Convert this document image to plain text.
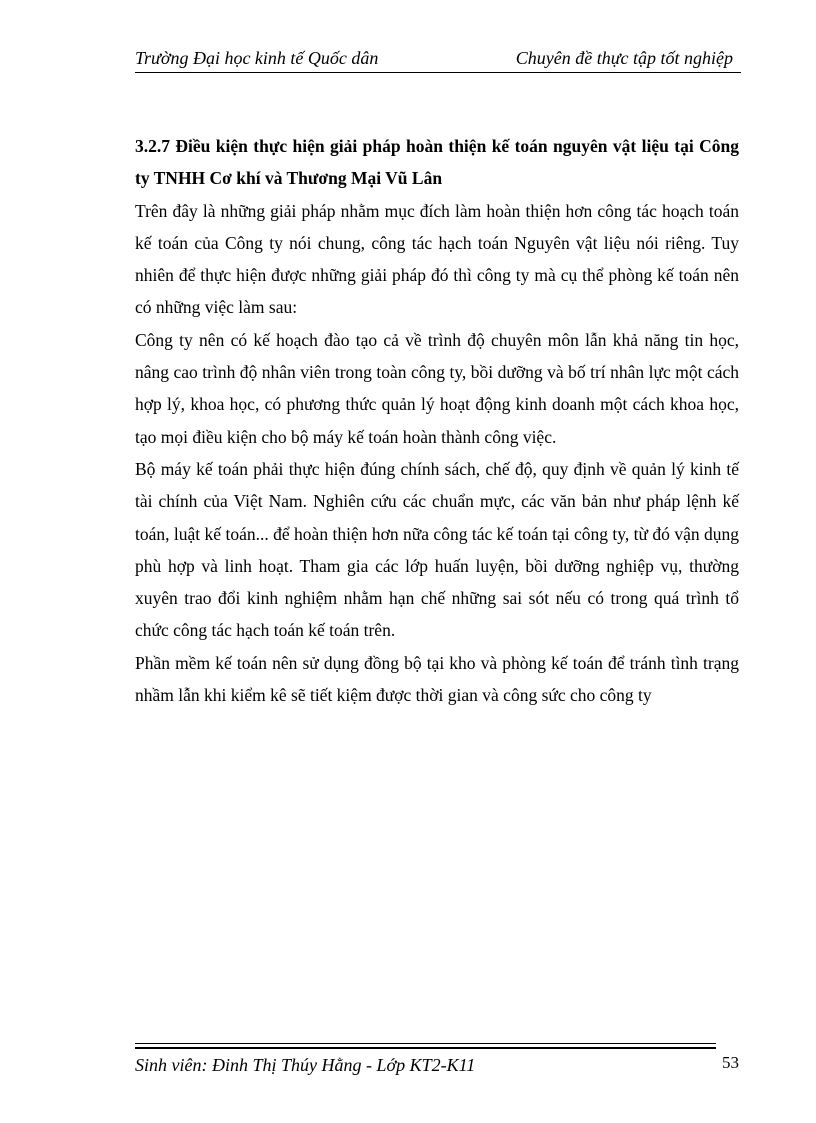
Trường Đại học kinh tế Quốc dân	Chuyên đề thực tập tốt nghiệp

3.2.7 Điều kiện thực hiện giải pháp hoàn thiện kế toán nguyên vật liệu tại Công ty TNHH Cơ khí và Thương Mại Vũ Lân

Trên đây là những giải pháp nhằm mục đích làm hoàn thiện hơn công tác hoạch toán kế toán của Công ty nói chung, công tác hạch toán Nguyên vật liệu nói riêng. Tuy nhiên để thực hiện được những giải pháp đó thì công ty mà cụ thể phòng kế toán nên có những việc làm sau:

Công ty nên có kế hoạch đào tạo cả về trình độ chuyên môn lẫn khả năng tin học, nâng cao trình độ nhân viên trong toàn công ty, bồi dưỡng và bố trí nhân lực một cách hợp lý, khoa học, có phương thức quản lý hoạt động kinh doanh một cách khoa học, tạo mọi điều kiện cho bộ máy kế toán hoàn thành công việc.

Bộ máy kế toán phải thực hiện đúng chính sách, chế độ, quy định về quản lý kinh tế tài chính của Việt Nam. Nghiên cứu các chuẩn mực, các văn bản như pháp lệnh kế toán, luật kế toán... để hoàn thiện hơn nữa công tác kế toán tại công ty, từ đó vận dụng phù hợp và linh hoạt. Tham gia các lớp huấn luyện, bồi dưỡng nghiệp vụ, thường xuyên trao đổi kinh nghiệm nhằm hạn chế những sai sót nếu có trong quá trình tổ chức công tác hạch toán kế toán trên.

Phần mềm kế toán nên sử dụng đồng bộ tại kho và phòng kế toán để tránh tình trạng nhầm lẫn khi kiểm kê sẽ tiết kiệm được thời gian và công sức cho công ty

Sinh viên: Đinh Thị Thúy Hằng - Lớp KT2-K11	53
